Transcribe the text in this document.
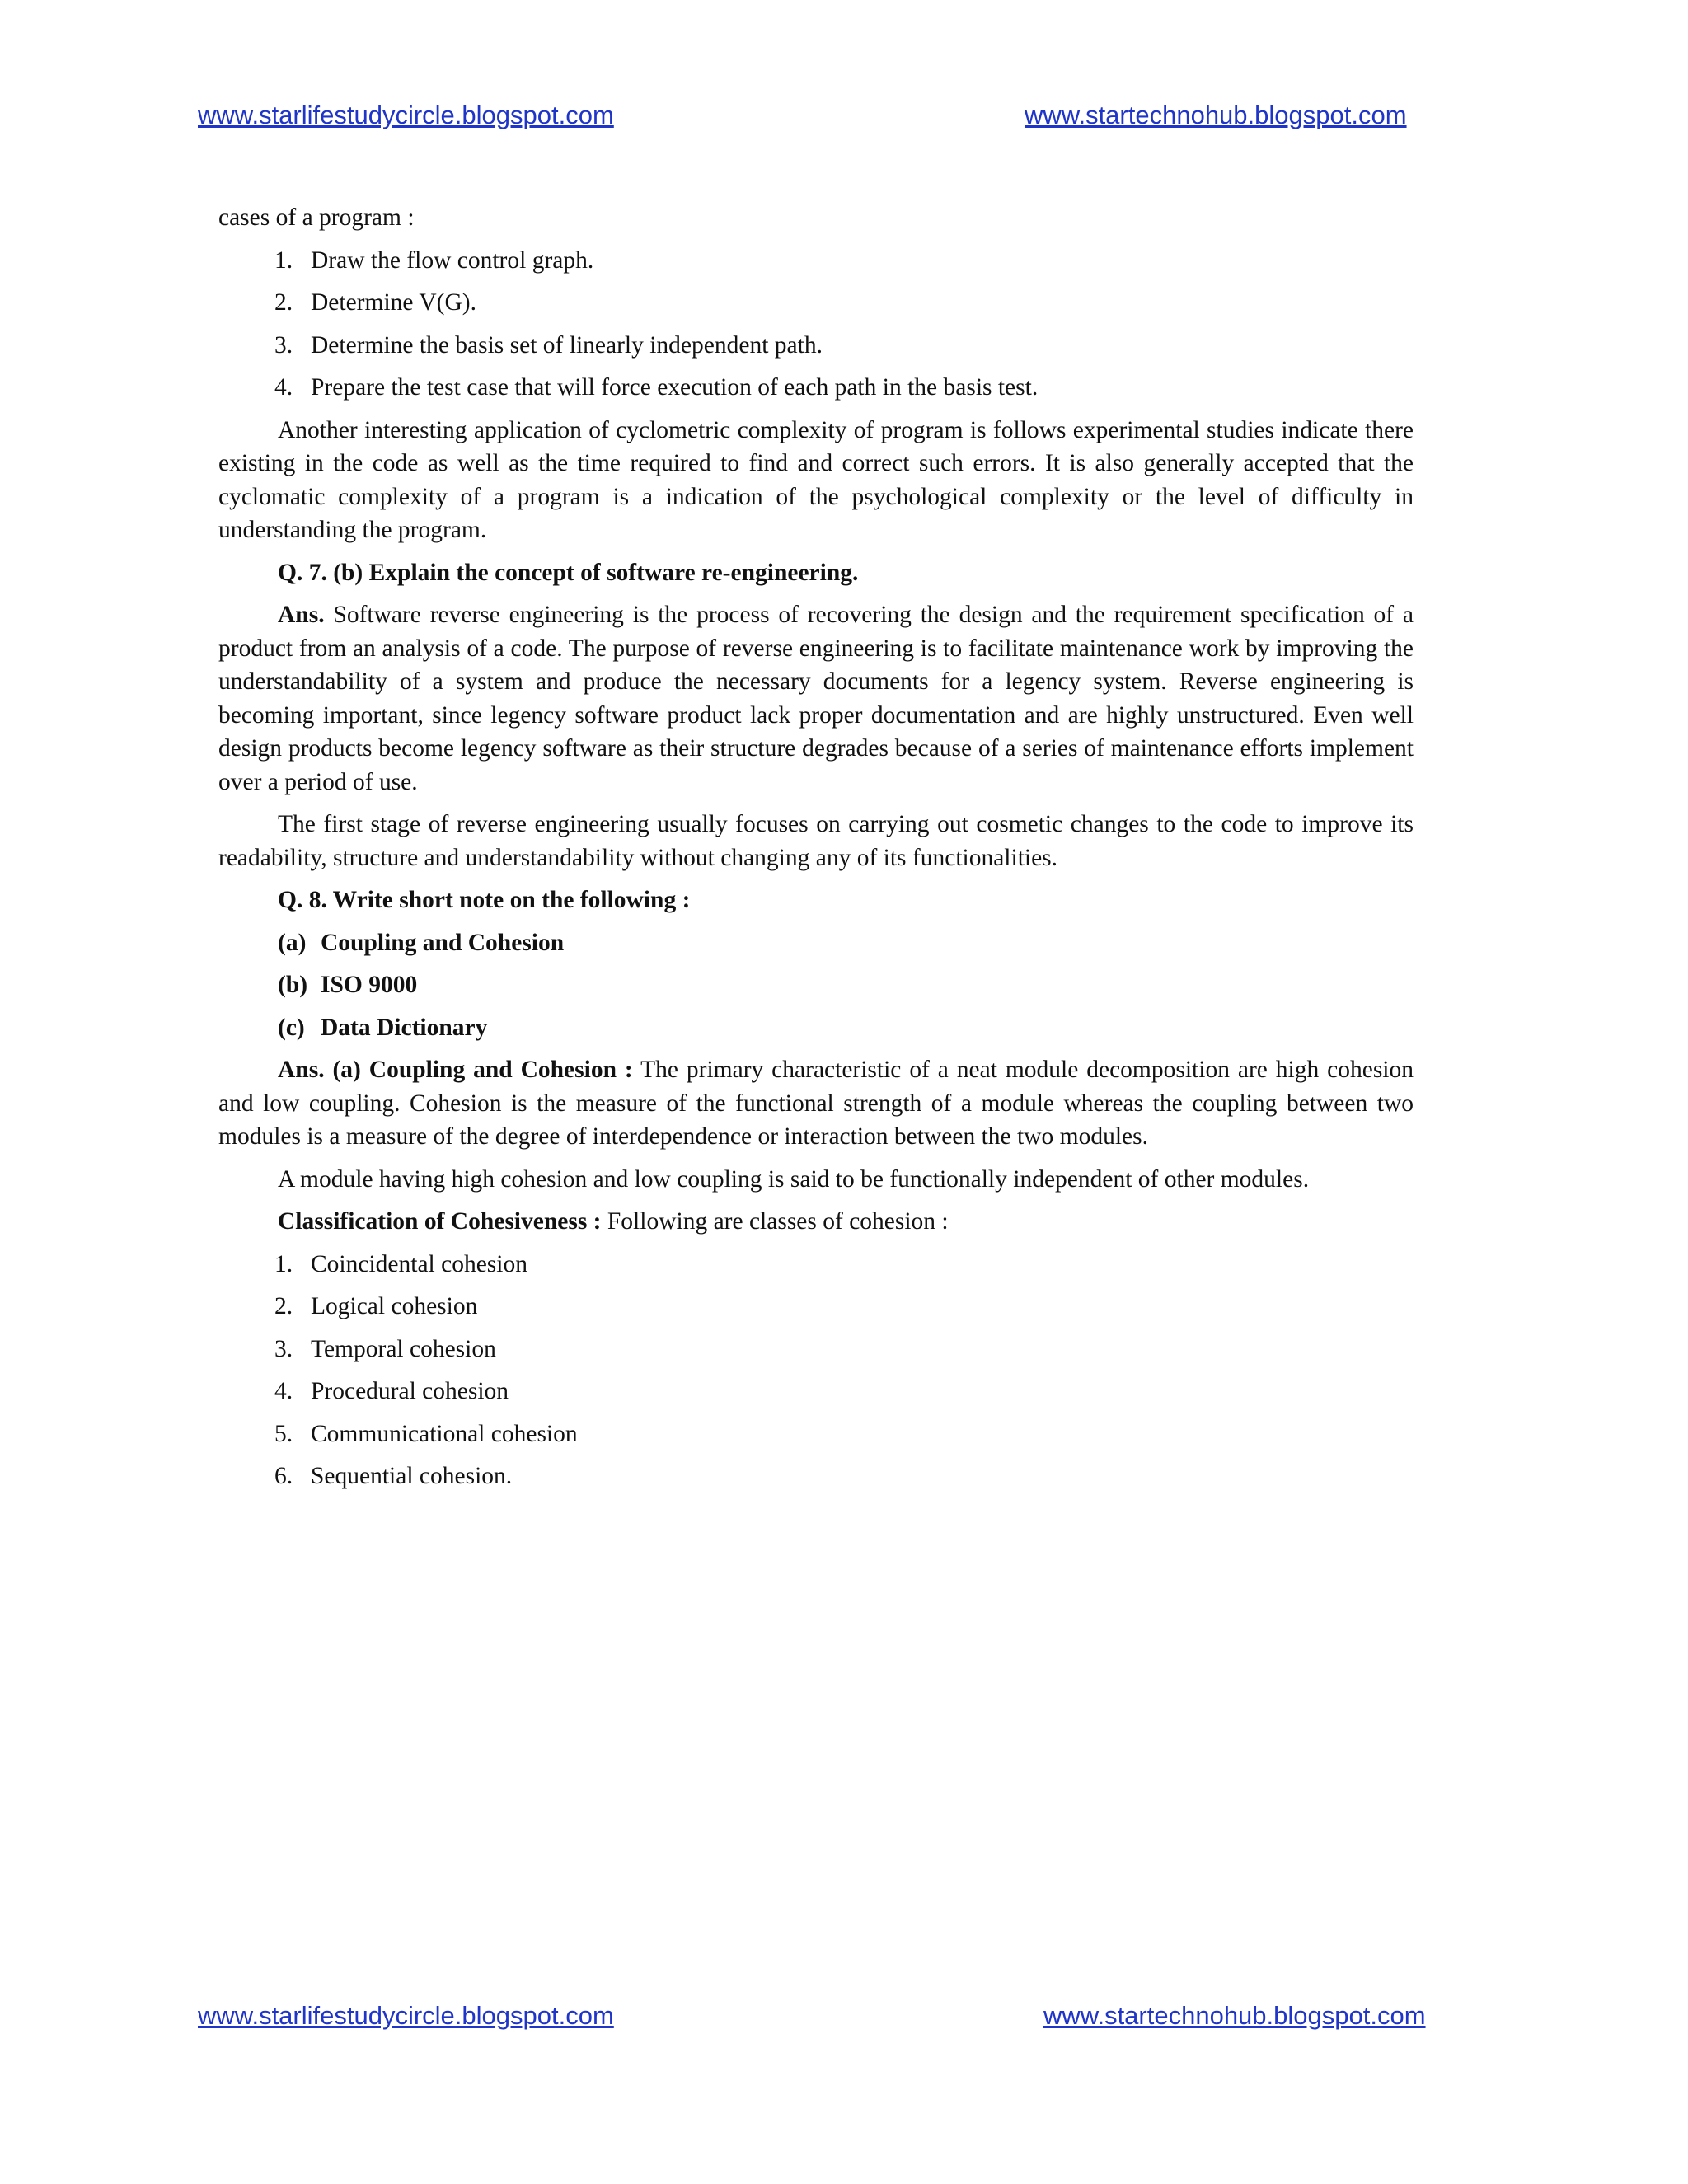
www.starlifestudycircle.blogspot.com	www.startechnohub.blogspot.com

cases of a program :

1. Draw the flow control graph.
2. Determine V(G).
3. Determine the basis set of linearly independent path.
4. Prepare the test case that will force execution of each path in the basis test.

Another interesting application of cyclometric complexity of program is follows experimental studies indicate there existing in the code as well as the time required to find and correct such errors. It is also generally accepted that the cyclomatic complexity of a program is a indication of the psychological complexity or the level of difficulty in understanding the program.

Q. 7. (b) Explain the concept of software re-engineering.

Ans. Software reverse engineering is the process of recovering the design and the requirement specification of a product from an analysis of a code. The purpose of reverse engineering is to facilitate maintenance work by improving the understandability of a system and produce the necessary documents for a legency system. Reverse engineering is becoming important, since legency software product lack proper documentation and are highly unstructured. Even well design products become legency software as their structure degrades because of a series of maintenance efforts implement over a period of use.

The first stage of reverse engineering usually focuses on carrying out cosmetic changes to the code to improve its readability, structure and understandability without changing any of its functionalities.

Q. 8. Write short note on the following :

(a) Coupling and Cohesion

(b) ISO 9000

(c) Data Dictionary

Ans. (a) Coupling and Cohesion : The primary characteristic of a neat module decomposition are high cohesion and low coupling. Cohesion is the measure of the functional strength of a module whereas the coupling between two modules is a measure of the degree of interdependence or interaction between the two modules.

A module having high cohesion and low coupling is said to be functionally independent of other modules.

Classification of Cohesiveness : Following are classes of cohesion :

1. Coincidental cohesion
2. Logical cohesion
3. Temporal cohesion
4. Procedural cohesion
5. Communicational cohesion
6. Sequential cohesion.
www.starlifestudycircle.blogspot.com	www.startechnohub.blogspot.com
